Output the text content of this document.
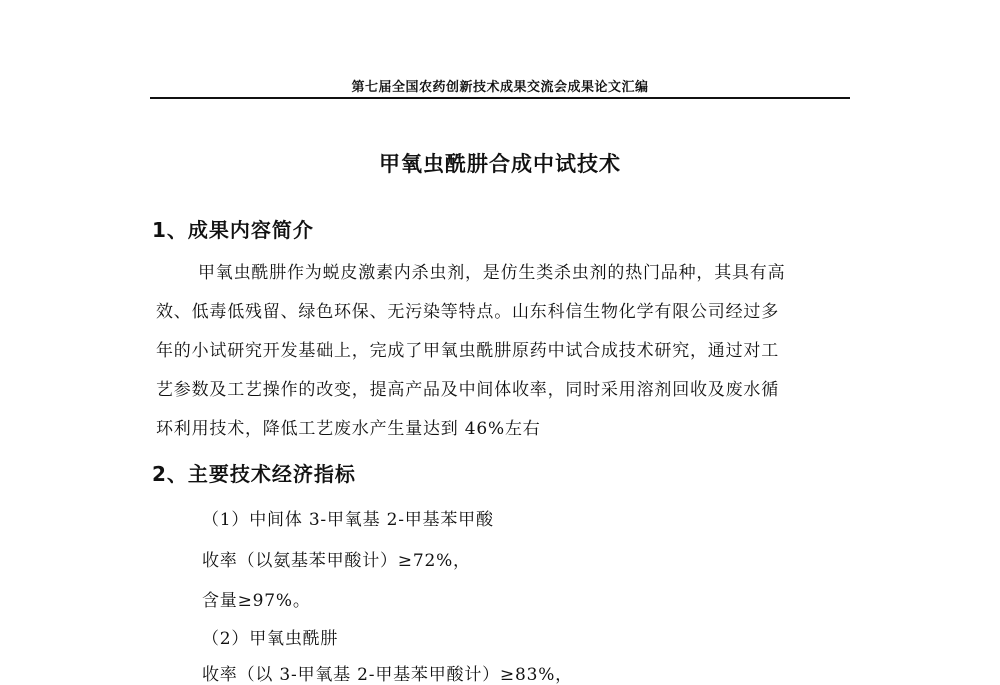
第七届全国农药创新技术成果交流会成果论文汇编
甲氧虫酰肼合成中试技术
1、成果内容简介
甲氧虫酰肼作为蜕皮激素内杀虫剂，是仿生类杀虫剂的热门品种，其具有高
效、低毒低残留、绿色环保、无污染等特点。山东科信生物化学有限公司经过多
年的小试研究开发基础上，完成了甲氧虫酰肼原药中试合成技术研究，通过对工
艺参数及工艺操作的改变，提高产品及中间体收率，同时采用溶剂回收及废水循
环利用技术，降低工艺废水产生量达到 46%左右
2、主要技术经济指标
（1）中间体 3-甲氧基 2-甲基苯甲酸
收率（以氨基苯甲酸计）≥72%，
含量≥97%。
（2）甲氧虫酰肼
收率（以 3-甲氧基 2-甲基苯甲酸计）≥83%，
